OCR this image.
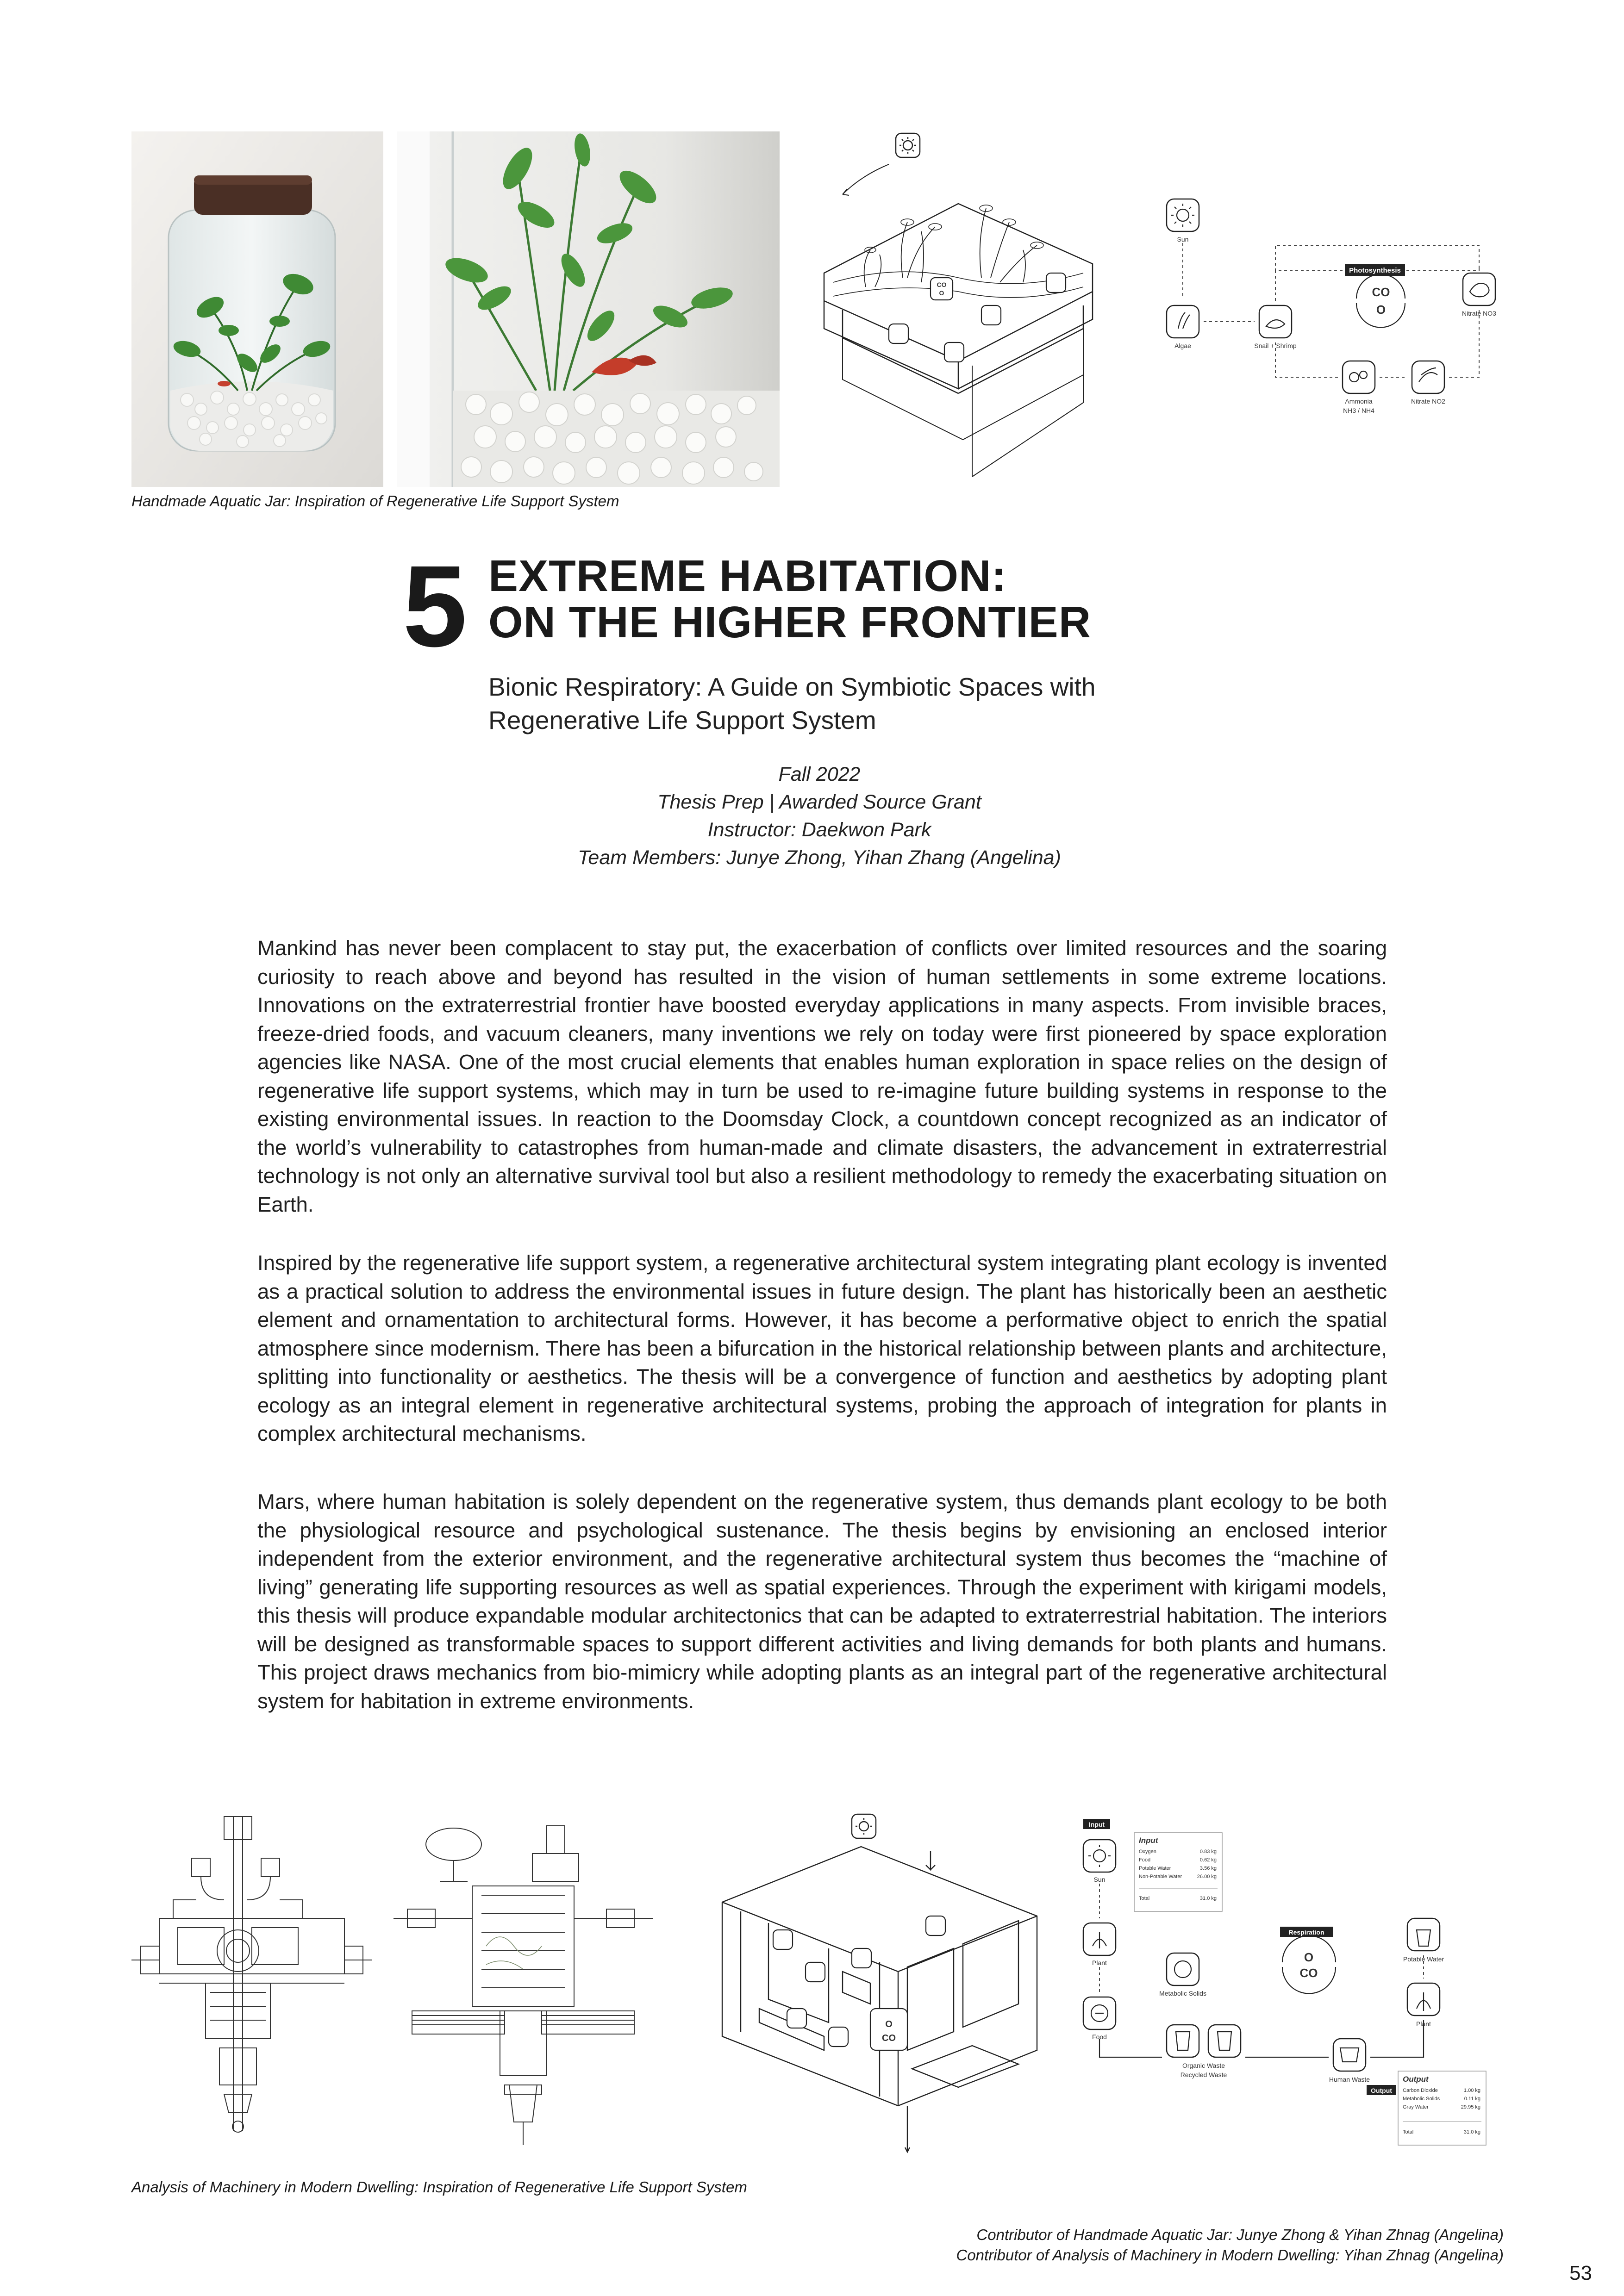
CO
O
Photosynthesis
CO
O
Sun
Algae	Snail + Shrimp
Nitrate NO3
Ammonia
NH3 / NH4
Nitrate NO2
Handmade Aquatic Jar: Inspiration of Regenerative Life Support System
5 EXTREME HABITATION:
ON THE HIGHER FRONTIER
Bionic Respiratory: A Guide on Symbiotic Spaces with
Regenerative Life Support System
Fall 2022
Thesis Prep | Awarded Source Grant
Instructor: Daekwon Park
Team Members: Junye Zhong, Yihan Zhang (Angelina)
Mankind has never been complacent to stay put, the exacerbation of conflicts over limited resources and the soaring curiosity to reach above and beyond has resulted in the vision of human settlements in some extreme locations. Innovations on the extraterrestrial frontier have boosted everyday applications in many aspects. From invisible braces, freeze-dried foods, and vacuum cleaners, many inventions we rely on today were first pioneered by space exploration agencies like NASA. One of the most crucial elements that enables human exploration in space relies on the design of regenerative life support systems, which may in turn be used to re-imagine future building systems in response to the existing environmental issues. In reaction to the Doomsday Clock, a countdown concept recognized as an indicator of the world’s vulnerability to catastrophes from human-made and climate disasters, the advancement in extraterrestrial technology is not only an alternative survival tool but also a resilient methodology to remedy the exacerbating situation on Earth.
Inspired by the regenerative life support system, a regenerative architectural system integrating plant ecology is invented as a practical solution to address the environmental issues in future design. The plant has historically been an aesthetic element and ornamentation to architectural forms. However, it has become a performative object to enrich the spatial atmosphere since modernism. There has been a bifurcation in the historical relationship between plants and architecture, splitting into functionality or aesthetics. The thesis will be a convergence of function and aesthetics by adopting plant ecology as an integral element in regenerative architectural systems, probing the approach of integration for plants in complex architectural mechanisms.
Mars, where human habitation is solely dependent on the regenerative system, thus demands plant ecology to be both the physiological resource and psychological sustenance. The thesis begins by envisioning an enclosed interior independent from the exterior environment, and the regenerative architectural system thus becomes the “machine of living” generating life supporting resources as well as spatial experiences. Through the experiment with kirigami models, this thesis will produce expandable modular architectonics that can be adapted to extraterrestrial habitation. The interiors will be designed as transformable spaces to support different activities and living demands for both plants and humans. This project draws mechanics from bio-mimicry while adopting plants as an integral part of the regenerative architectural system for habitation in extreme environments.
O
CO
Input
Respiration
O
CO
Sun
Plant
Food
Metabolic Solids
Organic Waste
Recycled Waste
Human Waste
Potable Water
Plant
Output
Input
Oxygen	0.83 kg
Food	0.62 kg
Potable Water	3.56 kg
Non-Potable Water	26.00 kg
Total	31.0 kg
Output
Carbon Dioxide	1.00 kg
Metabolic Solids	0.11 kg
Gray Water	29.95 kg
Total	31.0 kg
Analysis of Machinery in Modern Dwelling: Inspiration of Regenerative Life Support System
Contributor of Handmade Aquatic Jar: Junye Zhong & Yihan Zhnag (Angelina)
Contributor of Analysis of Machinery in Modern Dwelling: Yihan Zhnag (Angelina)
53
